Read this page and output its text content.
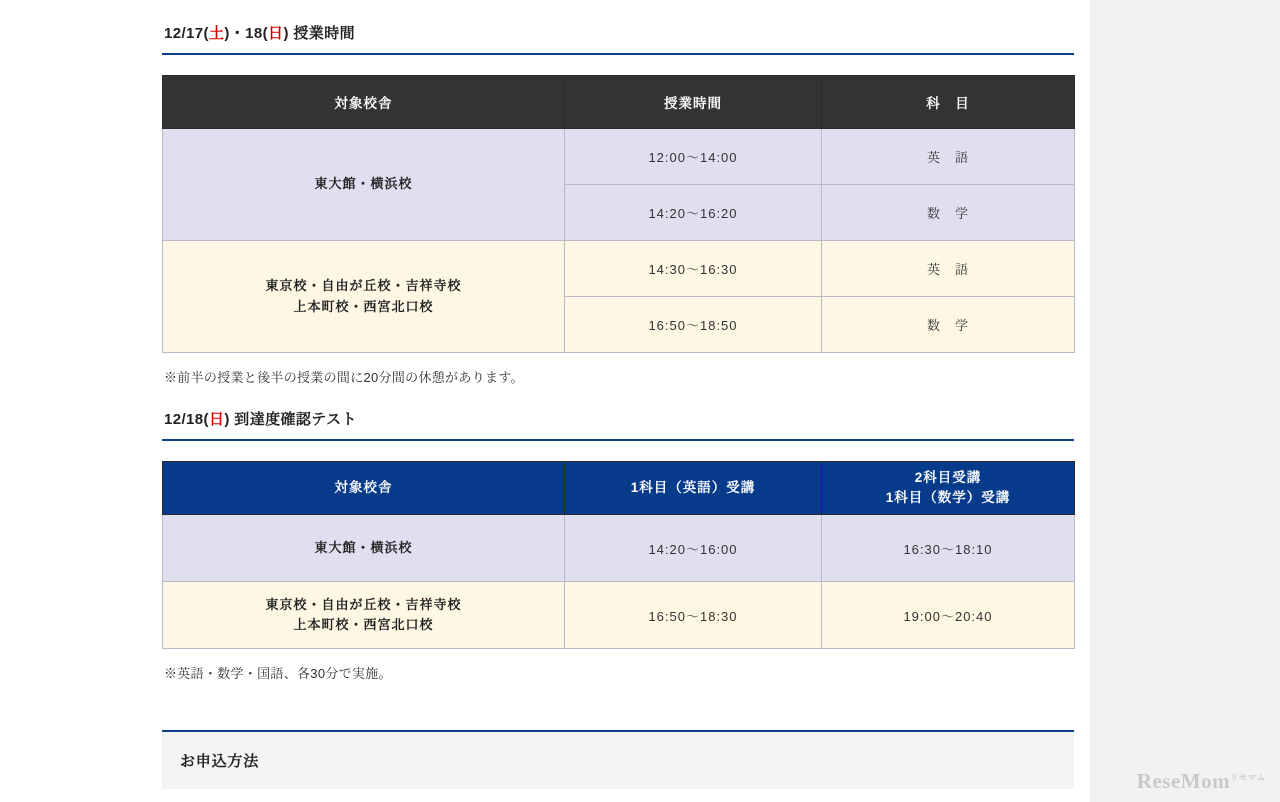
12/17(土)・18(日) 授業時間
対象校舎	授業時間	科　目
東大館・横浜校	12:00〜14:00	英　語
	14:20〜16:20	数　学

東京校・自由が丘校・吉祥寺校
上本町校・西宮北口校	14:30〜16:30	英　語
	16:50〜18:50	数　学

※前半の授業と後半の授業の間に20分間の休憩があります。

12/18(日) 到達度確認テスト
対象校舎	1科目（英語）受講	2科目受講
1科目（数学）受講

東大館・横浜校	14:20〜16:00	16:30〜18:10

東京校・自由が丘校・吉祥寺校
上本町校・西宮北口校	16:50〜18:30	19:00〜20:40

※英語・数学・国語、各30分で実施。

お申込方法
ReseMom$^{リセマム}$
